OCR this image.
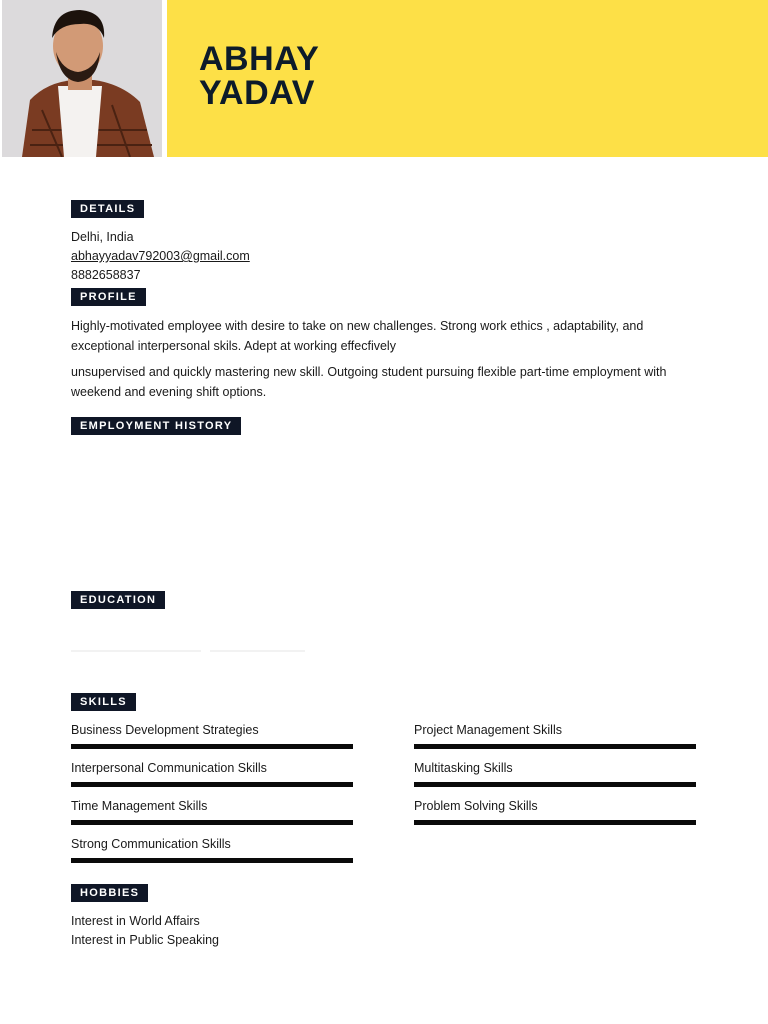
ABHAY
YADAV
DETAILS
Delhi, India
abhayyadav792003@gmail.com
8882658837
PROFILE
Highly-motivated employee with desire to take on new challenges. Strong work ethics , adaptability, and exceptional interpersonal skils. Adept at working effecfively
unsupervised and quickly mastering new skill. Outgoing student pursuing flexible part-time employment with weekend and evening shift options.
EMPLOYMENT HISTORY
EDUCATION
SKILLS
Business Development Strategies	Project Management Skills
Interpersonal Communication Skills	Multitasking Skills
Time Management Skills	Problem Solving Skills
Strong Communication Skills
HOBBIES
Interest in World Affairs
Interest in Public Speaking
